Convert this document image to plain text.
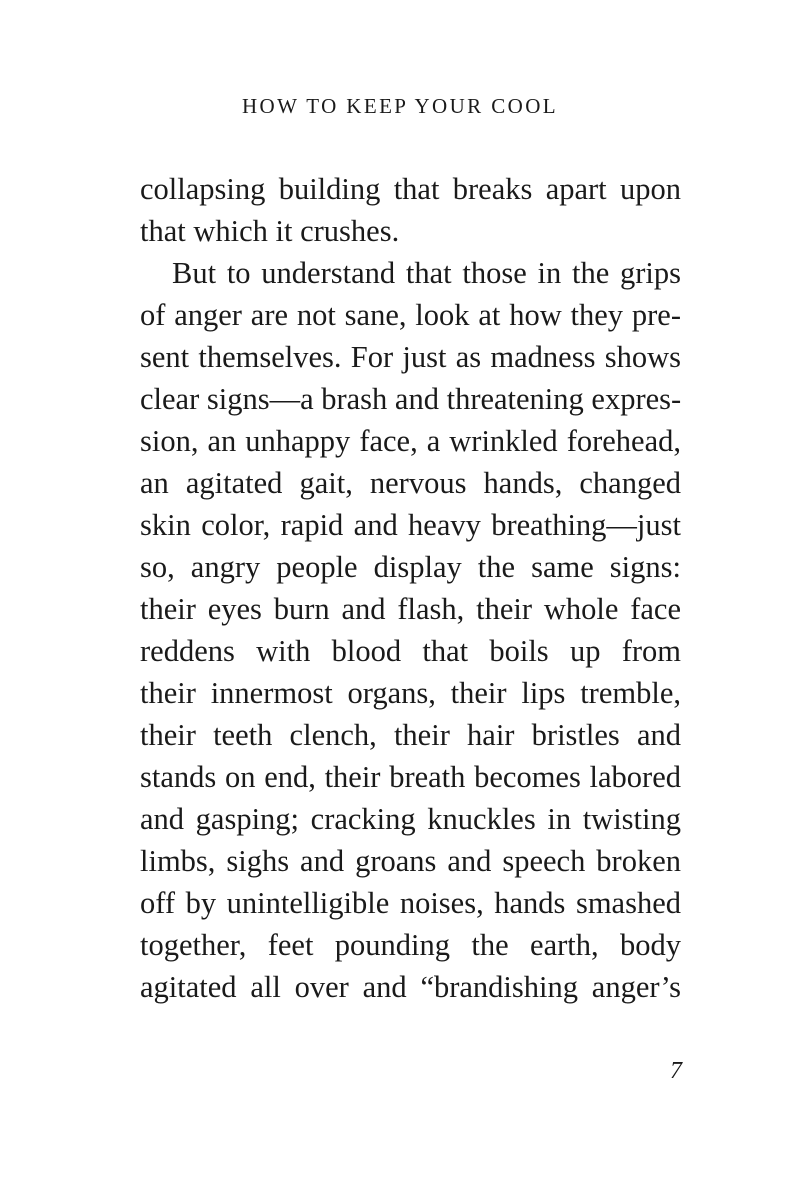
HOW TO KEEP YOUR COOL
collapsing building that breaks apart upon
that which it crushes.
But to understand that those in the grips
of anger are not sane, look at how they pre-
sent themselves. For just as madness shows
clear signs—a brash and threatening expres-
sion, an unhappy face, a wrinkled forehead,
an agitated gait, nervous hands, changed
skin color, rapid and heavy breathing—just
so, angry people display the same signs:
their eyes burn and flash, their whole face
reddens with blood that boils up from
their innermost organs, their lips tremble,
their teeth clench, their hair bristles and
stands on end, their breath becomes labored
and gasping; cracking knuckles in twisting
limbs, sighs and groans and speech broken
off by unintelligible noises, hands smashed
together, feet pounding the earth, body
agitated all over and “brandishing anger’s
7
